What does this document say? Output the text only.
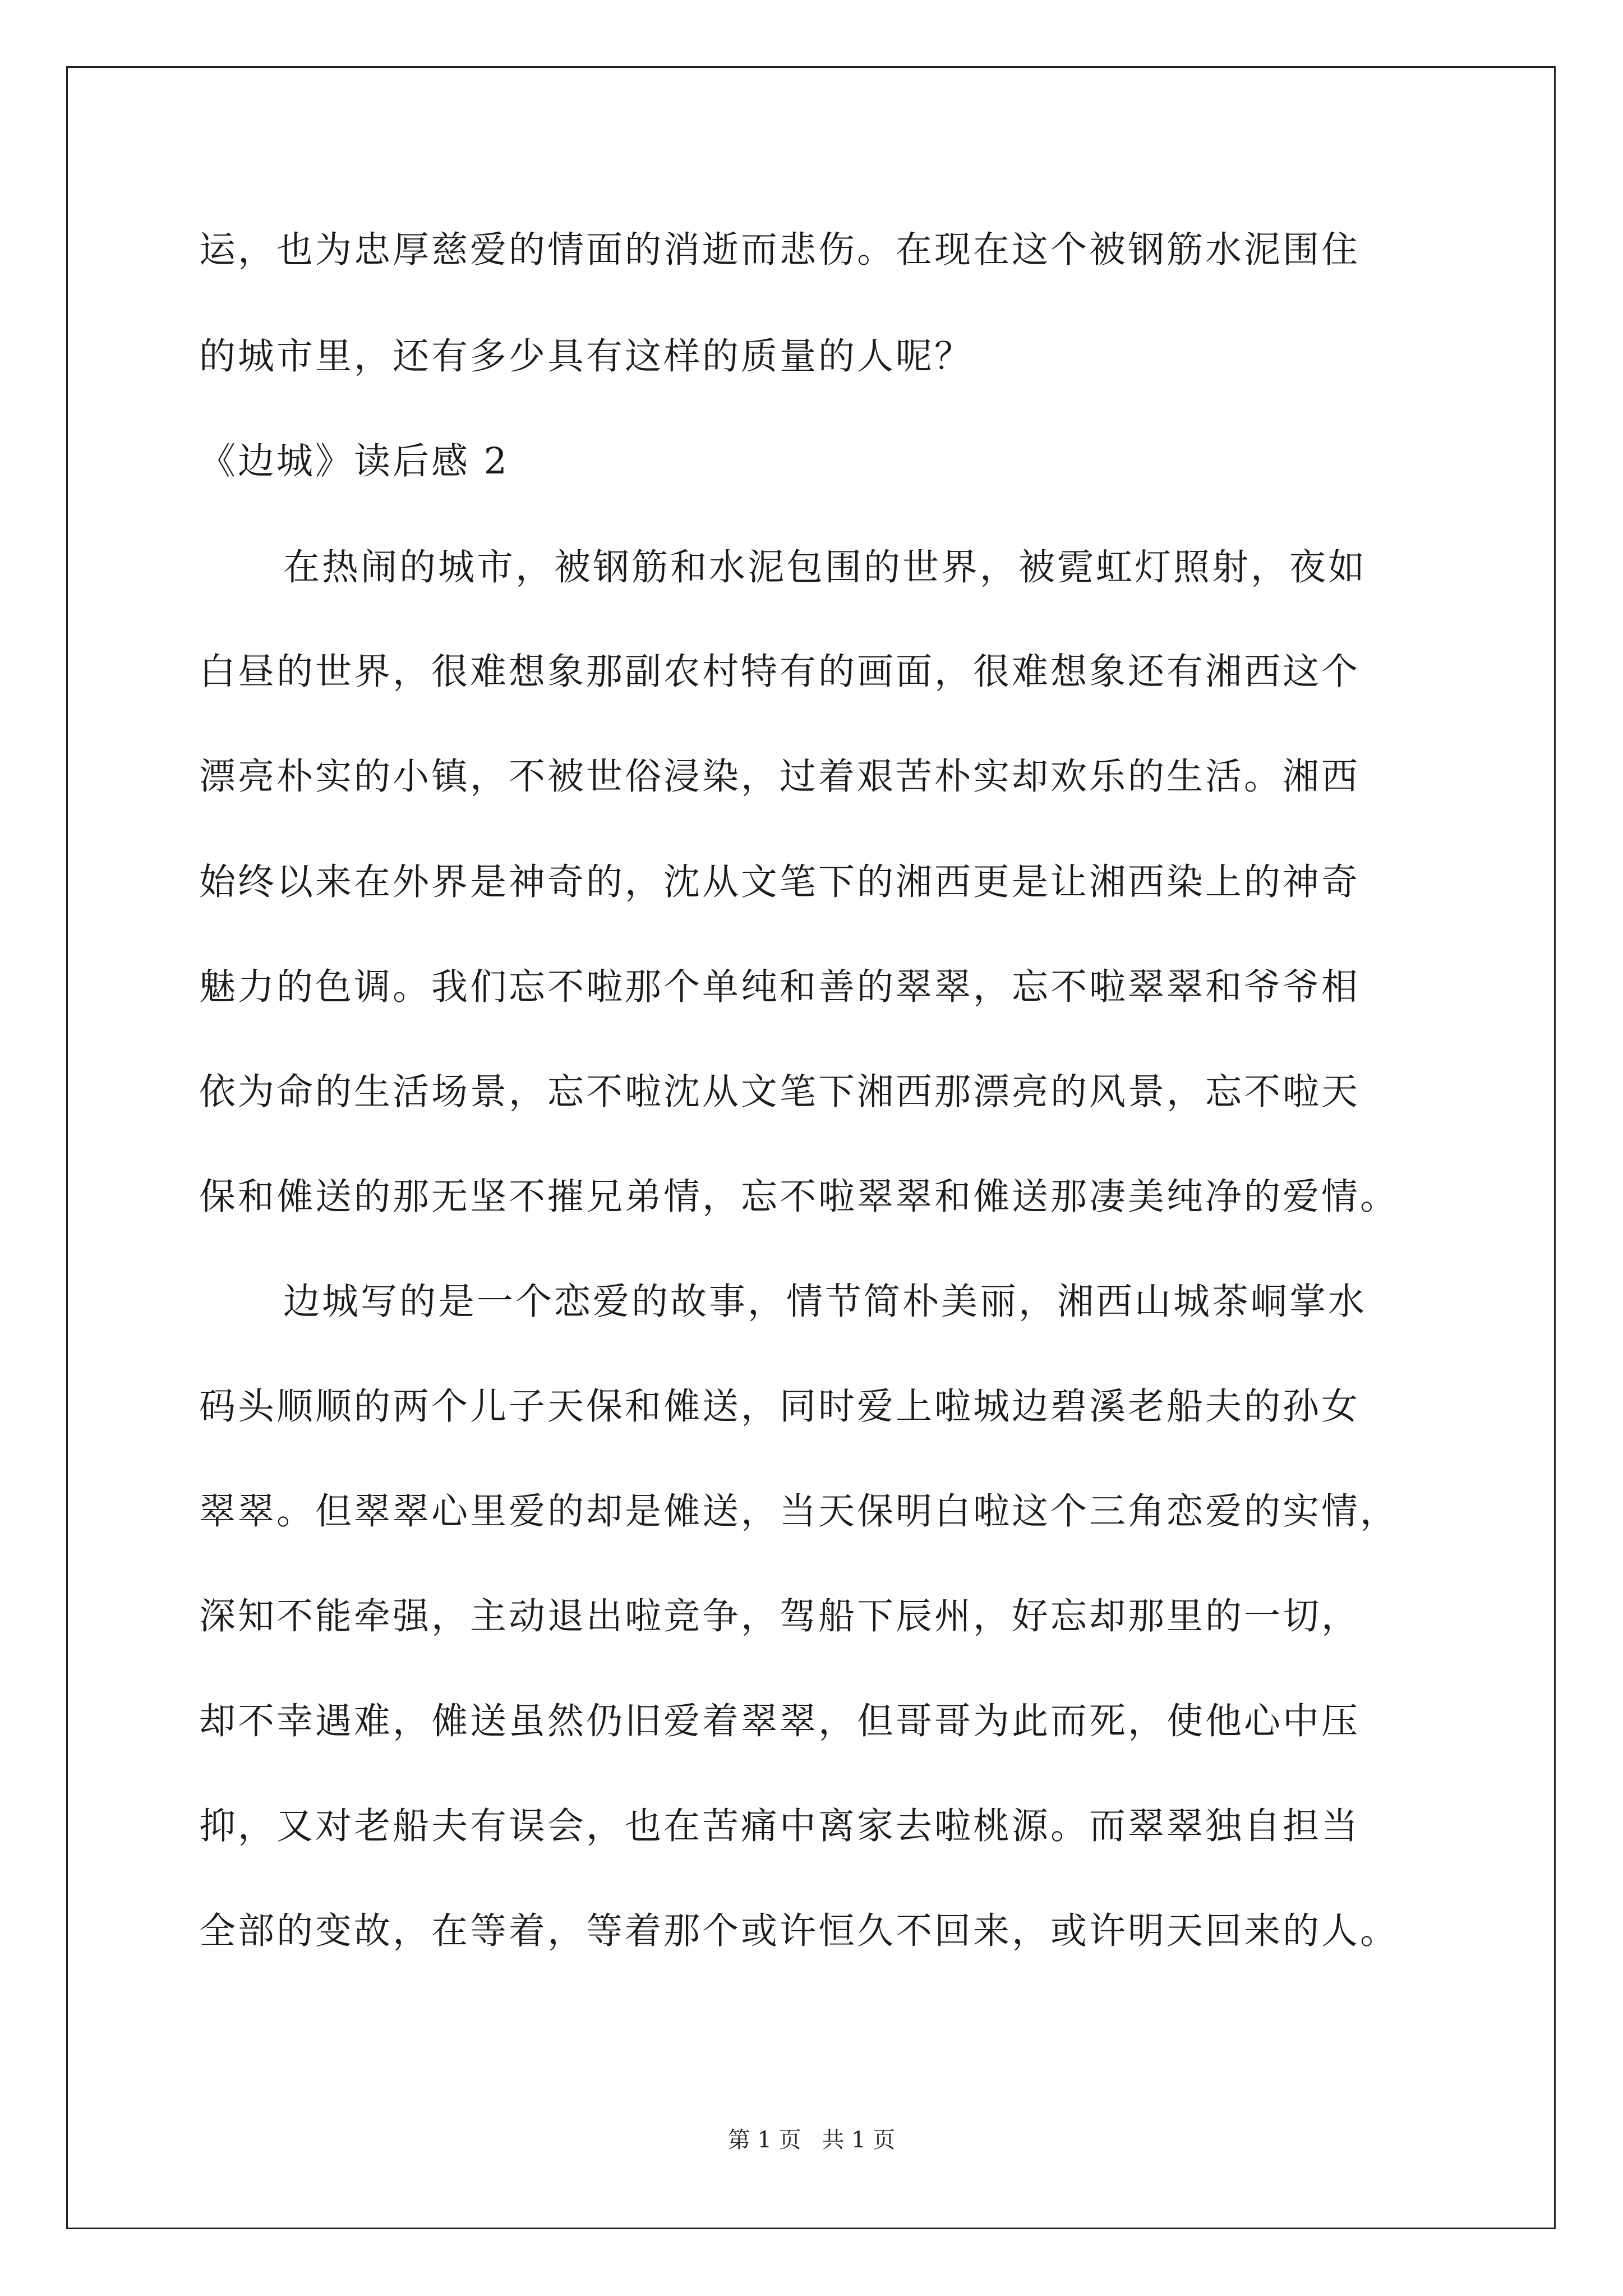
运，也为忠厚慈爱的情面的消逝而悲伤。在现在这个被钢筋水泥围住
的城市里，还有多少具有这样的质量的人呢？
《边城》读后感 2
在热闹的城市，被钢筋和水泥包围的世界，被霓虹灯照射，夜如
白昼的世界，很难想象那副农村特有的画面，很难想象还有湘西这个
漂亮朴实的小镇，不被世俗浸染，过着艰苦朴实却欢乐的生活。湘西
始终以来在外界是神奇的，沈从文笔下的湘西更是让湘西染上的神奇
魅力的色调。我们忘不啦那个单纯和善的翠翠，忘不啦翠翠和爷爷相
依为命的生活场景，忘不啦沈从文笔下湘西那漂亮的风景，忘不啦天
保和傩送的那无坚不摧兄弟情，忘不啦翠翠和傩送那凄美纯净的爱情。
边城写的是一个恋爱的故事，情节简朴美丽，湘西山城茶峒掌水
码头顺顺的两个儿子天保和傩送，同时爱上啦城边碧溪老船夫的孙女
翠翠。但翠翠心里爱的却是傩送，当天保明白啦这个三角恋爱的实情，
深知不能牵强，主动退出啦竞争，驾船下辰州，好忘却那里的一切，
却不幸遇难，傩送虽然仍旧爱着翠翠，但哥哥为此而死，使他心中压
抑，又对老船夫有误会，也在苦痛中离家去啦桃源。而翠翠独自担当
全部的变故，在等着，等着那个或许恒久不回来，或许明天回来的人。
第 1 页 共 1 页
